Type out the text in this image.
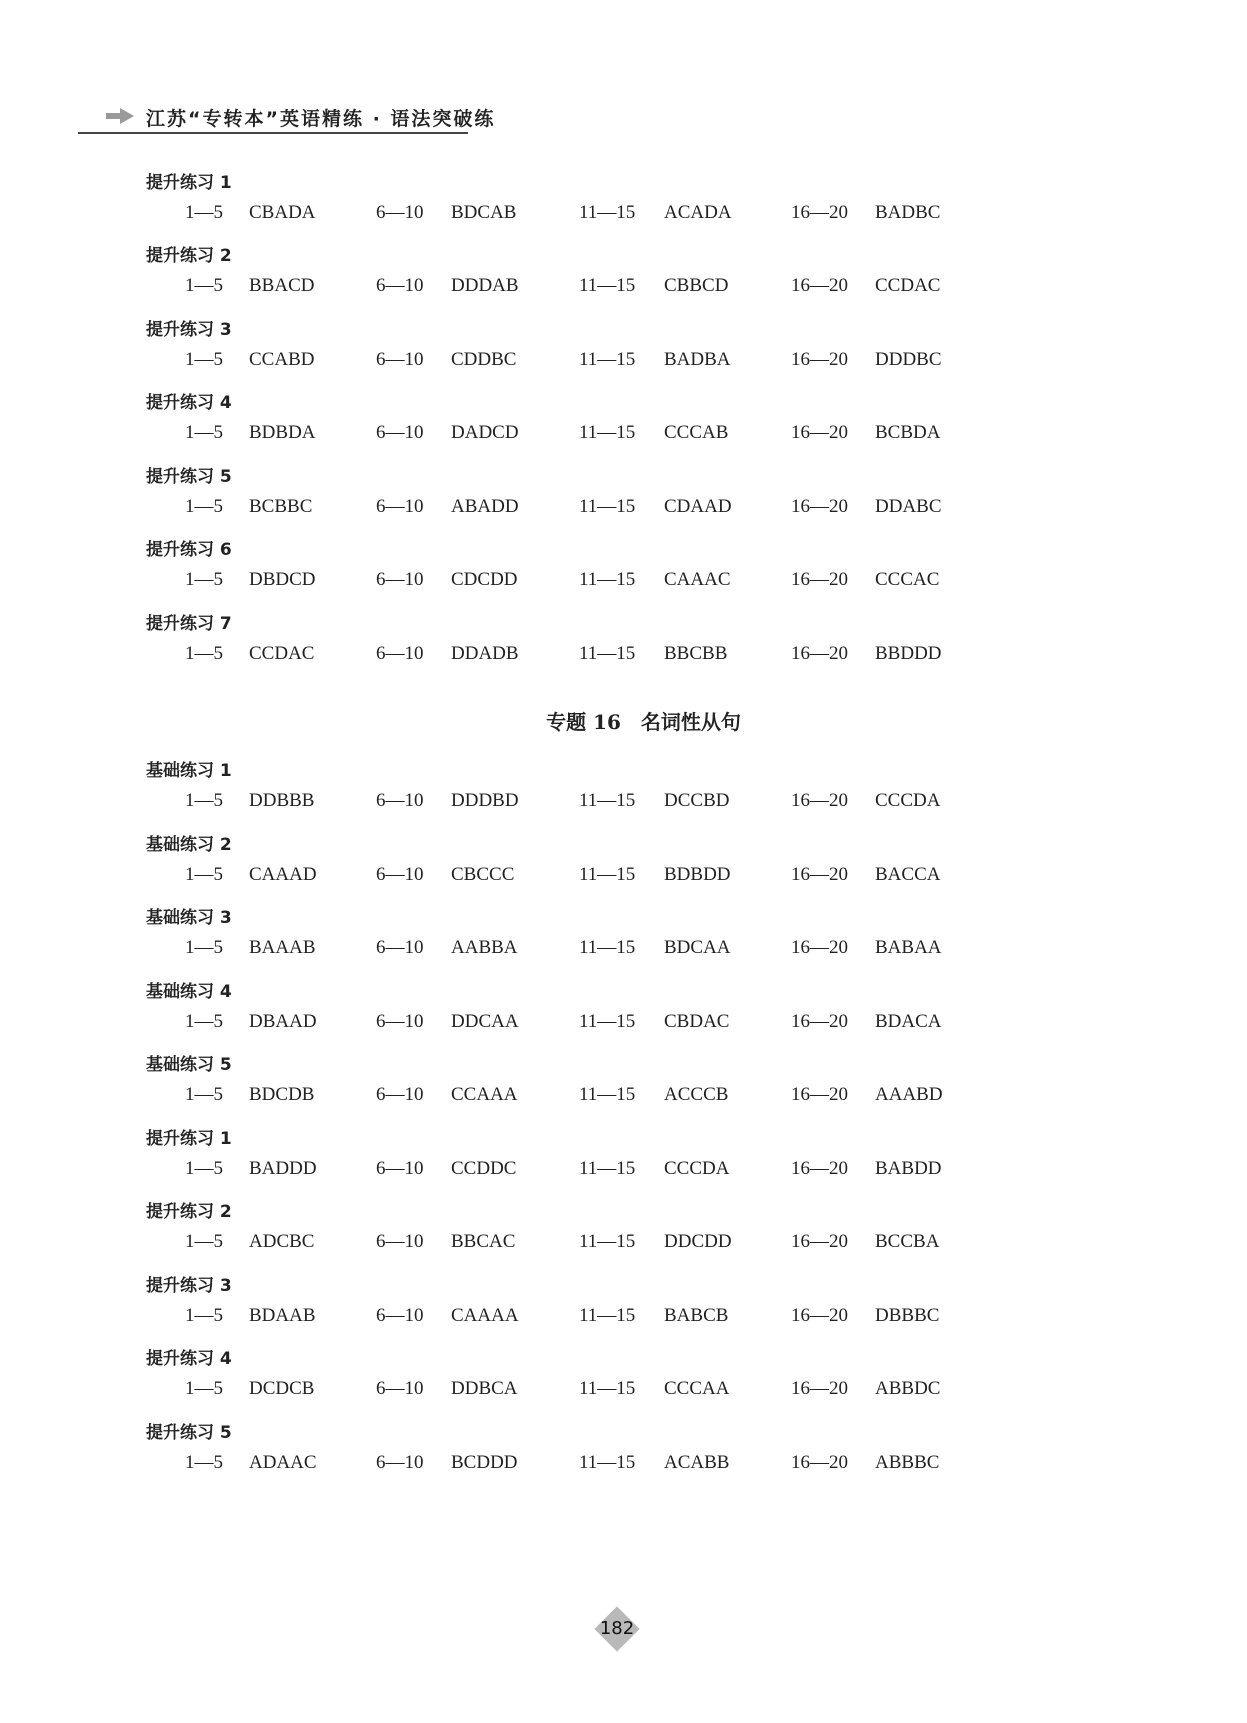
江苏“专转本”英语精练 · 语法突破练
提升练习 1
1—5 CBADA	6—10 BDCAB	11—15 ACADA	16—20 BADBC
提升练习 2
1—5 BBACD	6—10 DDDAB	11—15 CBBCD	16—20 CCDAC
提升练习 3
1—5 CCABD	6—10 CDDBC	11—15 BADBA	16—20 DDDBC
提升练习 4
1—5 BDBDA	6—10 DADCD	11—15 CCCAB	16—20 BCBDA
提升练习 5
1—5 BCBBC	6—10 ABADD	11—15 CDAAD	16—20 DDABC
提升练习 6
1—5 DBDCD	6—10 CDCDD	11—15 CAAAC	16—20 CCCAC
提升练习 7
1—5 CCDAC	6—10 DDADB	11—15 BBCBB	16—20 BBDDD
基础练习 1
1—5 DDBBB	6—10 DDDBD	11—15 DCCBD	16—20 CCCDA
基础练习 2
1—5 CAAAD	6—10 CBCCC	11—15 BDBDD	16—20 BACCA
基础练习 3
1—5 BAAAB	6—10 AABBA	11—15 BDCAA	16—20 BABAA
基础练习 4
1—5 DBAAD	6—10 DDCAA	11—15 CBDAC	16—20 BDACA
基础练习 5
1—5 BDCDB	6—10 CCAAA	11—15 ACCCB	16—20 AAABD
提升练习 1
1—5 BADDD	6—10 CCDDC	11—15 CCCDA	16—20 BABDD
提升练习 2
1—5 ADCBC	6—10 BBCAC	11—15 DDCDD	16—20 BCCBA
提升练习 3
1—5 BDAAB	6—10 CAAAA	11—15 BABCB	16—20 DBBBC
提升练习 4
1—5 DCDCB	6—10 DDBCA	11—15 CCCAA	16—20 ABBDC
提升练习 5
1—5 ADAAC	6—10 BCDDD	11—15 ACABB	16—20 ABBBC
专题 16　名词性从句
182
